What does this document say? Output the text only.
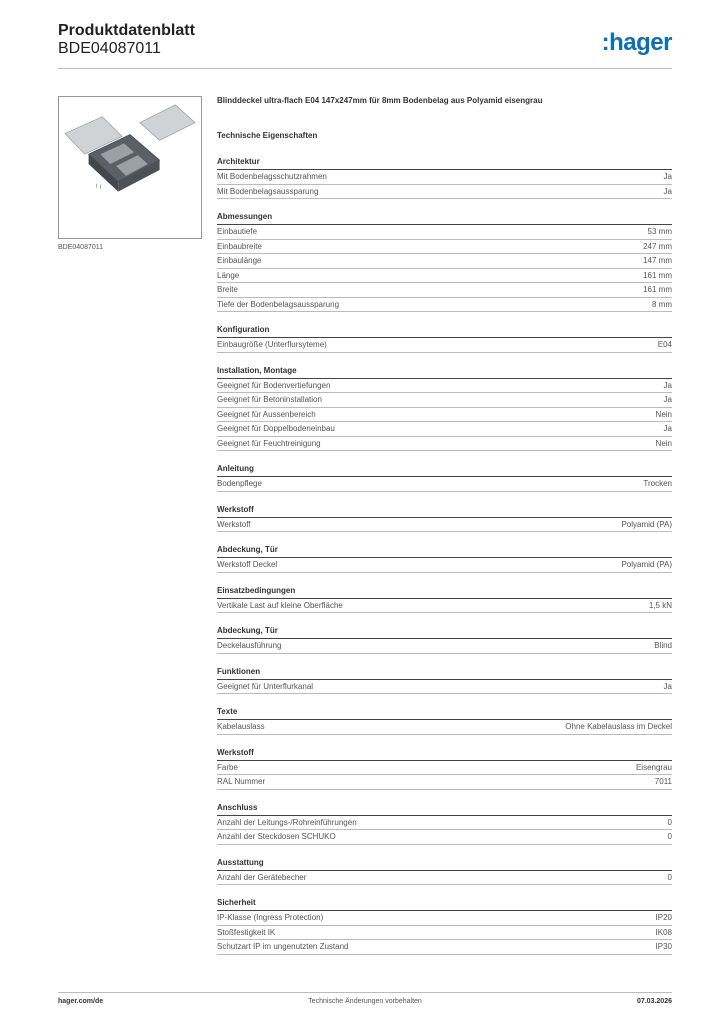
Produktdatenblatt
BDE04087011	:hager
BDE04087011
Blinddeckel ultra-flach E04 147x247mm für 8mm Bodenbelag aus Polyamid eisengrau
Technische Eigenschaften
Architektur
Mit Bodenbelagsschutzrahmen	Ja
Mit Bodenbelagsaussparung	Ja
Abmessungen
Einbautiefe	53 mm
Einbaubreite	247 mm
Einbaulänge	147 mm
Länge	161 mm
Breite	161 mm
Tiefe der Bodenbelagsaussparung	8 mm
Konfiguration
Einbaugröße (Unterflursyteme)	E04
Installation, Montage
Geeignet für Bodenvertiefungen	Ja
Geeignet für Betoninstallation	Ja
Geeignet für Aussenbereich	Nein
Geeignet für Doppelbodeneinbau	Ja
Geeignet für Feuchtreinigung	Nein
Anleitung
Bodenpflege	Trocken
Werkstoff
Werkstoff	Polyamid (PA)
Abdeckung, Tür
Werkstoff Deckel	Polyamid (PA)
Einsatzbedingungen
Vertikale Last auf kleine Oberfläche	1,5 kN
Abdeckung, Tür
Deckelausführung	Blind
Funktionen
Geeignet für Unterflurkanal	Ja
Texte
Kabelauslass	Ohne Kabelauslass im Deckel
Werkstoff
Farbe	Eisengrau
RAL Nummer	7011
Anschluss
Anzahl der Leitungs-/Rohreinführungen	0
Anzahl der Steckdosen SCHUKO	0
Ausstattung
Anzahl der Gerätebecher	0
Sicherheit
IP-Klasse (Ingress Protection)	IP20
Stoßfestigkeit IK	IK08
Schutzart IP im ungenutzten Zustand	IP30
hager.com/de	Technische Änderungen vorbehalten	07.03.2026
